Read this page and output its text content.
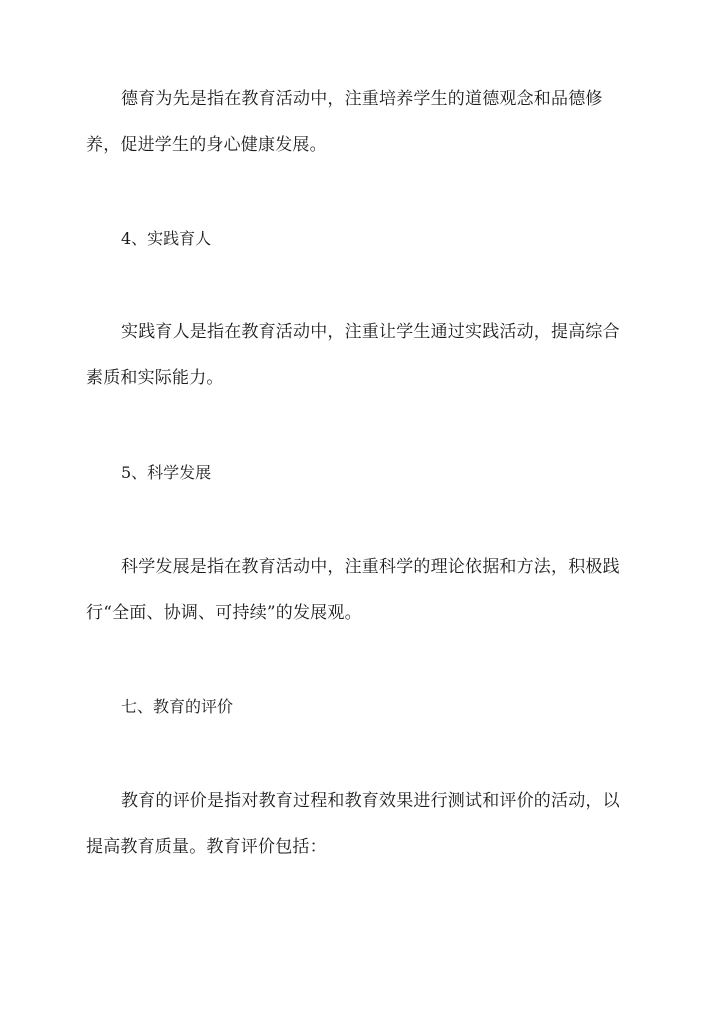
德育为先是指在教育活动中，注重培养学生的道德观念和品德修养，促进学生的身心健康发展。

4、实践育人

实践育人是指在教育活动中，注重让学生通过实践活动，提高综合素质和实际能力。

5、科学发展

科学发展是指在教育活动中，注重科学的理论依据和方法，积极践行“全面、协调、可持续”的发展观。

七、教育的评价

教育的评价是指对教育过程和教育效果进行测试和评价的活动，以提高教育质量。教育评价包括：
